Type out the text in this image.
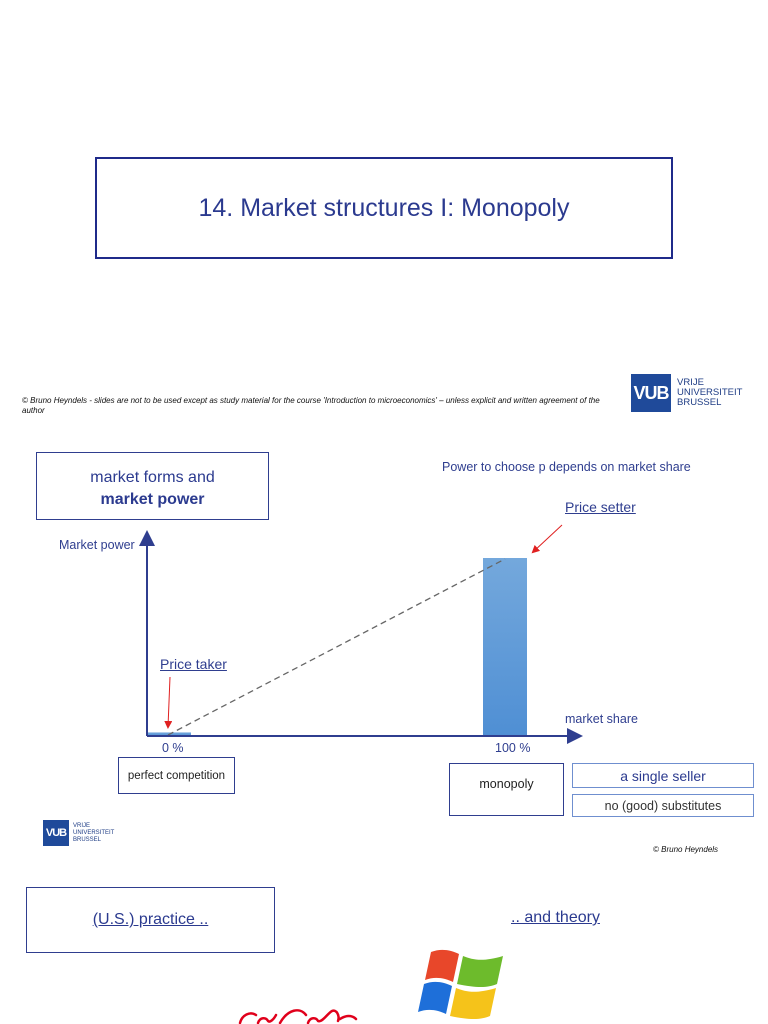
14. Market structures I: Monopoly
© Bruno Heyndels - slides are not to be used except as study material for the course 'Introduction to microeconomics' – unless explicit and written agreement of the author
VUB VRIJE
UNIVERSITEIT
BRUSSEL
market forms and
market power
Power to choose p depends on market share
Market power
market share
Price taker
Price setter
0 %	100 %
perfect competition
monopoly
a single seller
no (good) substitutes
VUB
VRIJE
UNIVERSITEIT
BRUSSEL
© Bruno Heyndels
(U.S.) practice ..	.. and theory
